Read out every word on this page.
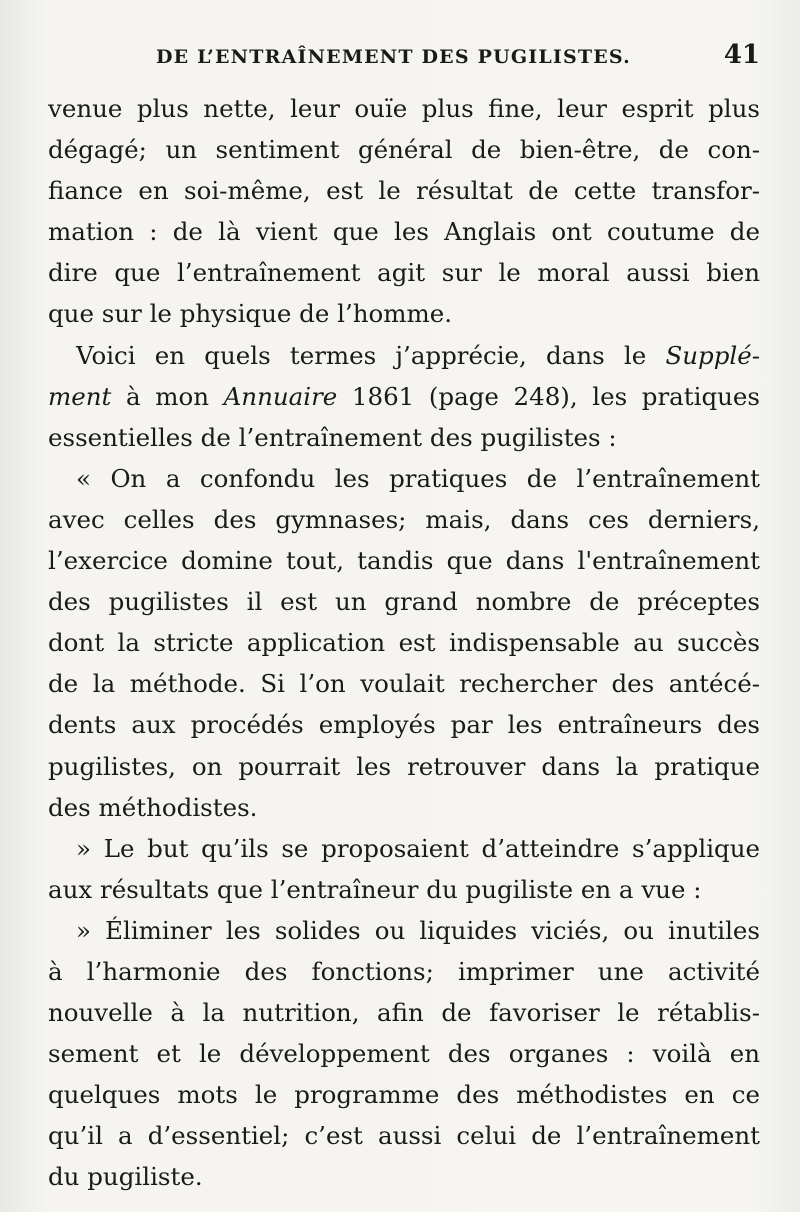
DE L’ENTRAÎNEMENT DES PUGILISTES.	41
venue plus nette, leur ouïe plus fine, leur esprit plus
dégagé; un sentiment général de bien-être, de con-
fiance en soi-même, est le résultat de cette transfor-
mation : de là vient que les Anglais ont coutume de
dire que l’entraînement agit sur le moral aussi bien
que sur le physique de l’homme.
Voici en quels termes j’apprécie, dans le Supplé-
ment à mon Annuaire 1861 (page 248), les pratiques
essentielles de l’entraînement des pugilistes :
« On a confondu les pratiques de l’entraînement
avec celles des gymnases; mais, dans ces derniers,
l’exercice domine tout, tandis que dans l'entraînement
des pugilistes il est un grand nombre de préceptes
dont la stricte application est indispensable au succès
de la méthode. Si l’on voulait rechercher des antécé-
dents aux procédés employés par les entraîneurs des
pugilistes, on pourrait les retrouver dans la pratique
des méthodistes.
» Le but qu’ils se proposaient d’atteindre s’applique
aux résultats que l’entraîneur du pugiliste en a vue :
» Éliminer les solides ou liquides viciés, ou inutiles
à l’harmonie des fonctions; imprimer une activité
nouvelle à la nutrition, afin de favoriser le rétablis-
sement et le développement des organes : voilà en
quelques mots le programme des méthodistes en ce
qu’il a d’essentiel; c’est aussi celui de l’entraînement
du pugiliste.
